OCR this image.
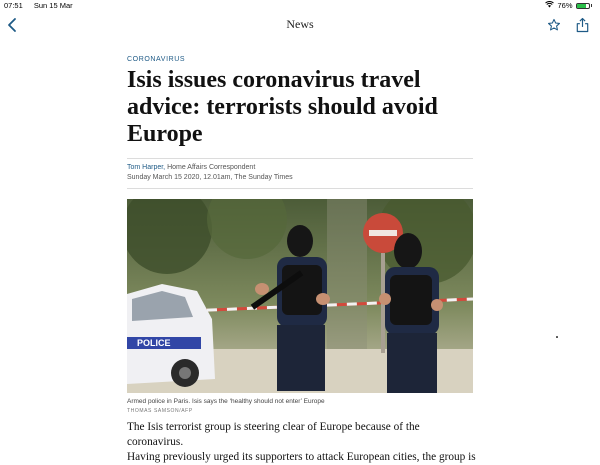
07:51 Sun 15 Mar	76%
News
CORONAVIRUS
Isis issues coronavirus travel advice: terrorists should avoid Europe
Tom Harper, Home Affairs Correspondent
Sunday March 15 2020, 12.01am, The Sunday Times
POLICE
Armed police in Paris. Isis says the ‘healthy should not enter’ Europe
THOMAS SAMSON/AFP

The Isis terrorist group is steering clear of Europe because of the coronavirus.

Having previously urged its supporters to attack European cities, the group is
